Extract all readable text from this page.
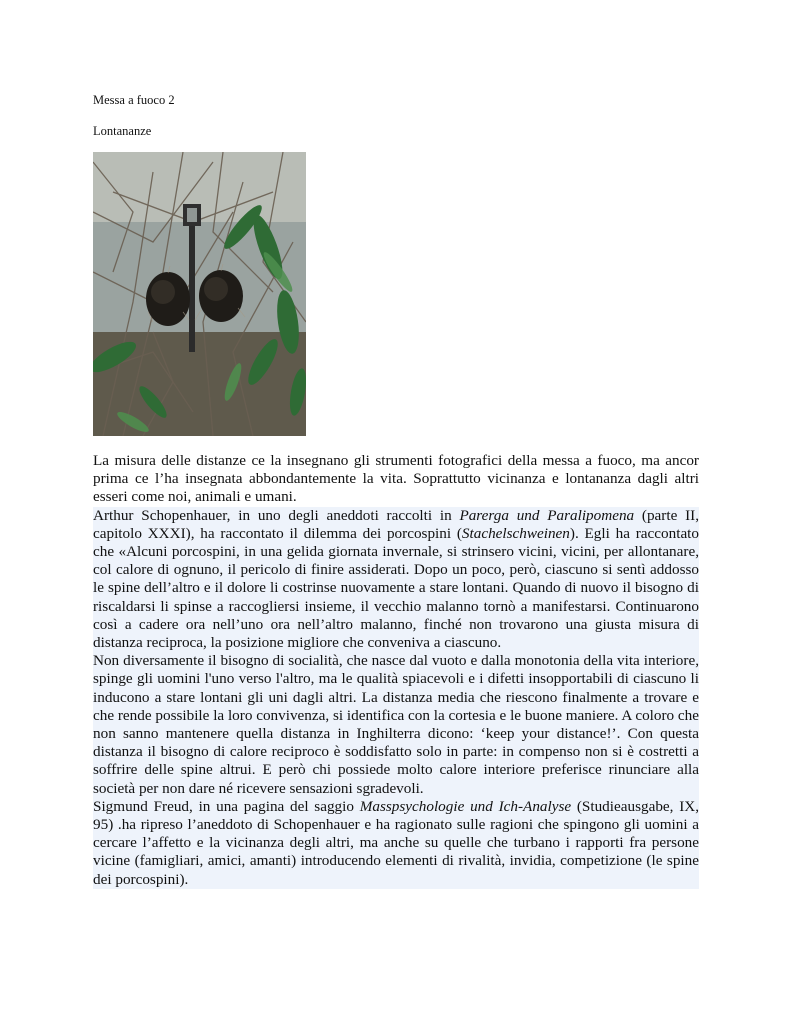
Messa a fuoco 2
Lontananze

La misura delle distanze ce la insegnano gli strumenti fotografici della messa a fuoco, ma ancor prima ce l’ha insegnata abbondantemente la vita. Soprattutto vicinanza e lontananza dagli altri esseri come noi, animali e umani.

Arthur Schopenhauer, in uno degli aneddoti raccolti in Parerga und Paralipomena (parte II, capitolo XXXI), ha raccontato il dilemma dei porcospini (Stachelschweinen). Egli ha raccontato che «Alcuni porcospini, in una gelida giornata invernale, si strinsero vicini, vicini, per allontanare, col calore di ognuno, il pericolo di finire assiderati. Dopo un poco, però, ciascuno si sentì addosso le spine dell’altro e il dolore li costrinse nuovamente a stare lontani. Quando di nuovo il bisogno di riscaldarsi li spinse a raccogliersi insieme, il vecchio malanno tornò a manifestarsi. Continuarono così a cadere ora nell’uno ora nell’altro malanno, finché non trovarono una giusta misura di distanza reciproca, la posizione migliore che conveniva a ciascuno.

Non diversamente il bisogno di socialità, che nasce dal vuoto e dalla monotonia della vita interiore, spinge gli uomini l'uno verso l'altro, ma le qualità spiacevoli e i difetti insopportabili di ciascuno li inducono a stare lontani gli uni dagli altri. La distanza media che riescono finalmente a trovare e che rende possibile la loro convivenza, si identifica con la cortesia e le buone maniere. A coloro che non sanno mantenere quella distanza in Inghilterra dicono: ‘keep your distance!’. Con questa distanza il bisogno di calore reciproco è soddisfatto solo in parte: in compenso non si è costretti a soffrire delle spine altrui. E però chi possiede molto calore interiore preferisce rinunciare alla società per non dare né ricevere sensazioni sgradevoli.

Sigmund Freud, in una pagina del saggio Masspsychologie und Ich-Analyse (Studieausgabe, IX, 95) .ha ripreso l’aneddoto di Schopenhauer e ha ragionato sulle ragioni che spingono gli uomini a cercare l’affetto e la vicinanza degli altri, ma anche su quelle che turbano i rapporti fra persone vicine (famigliari, amici, amanti) introducendo elementi di rivalità, invidia, competizione (le spine dei porcospini).
